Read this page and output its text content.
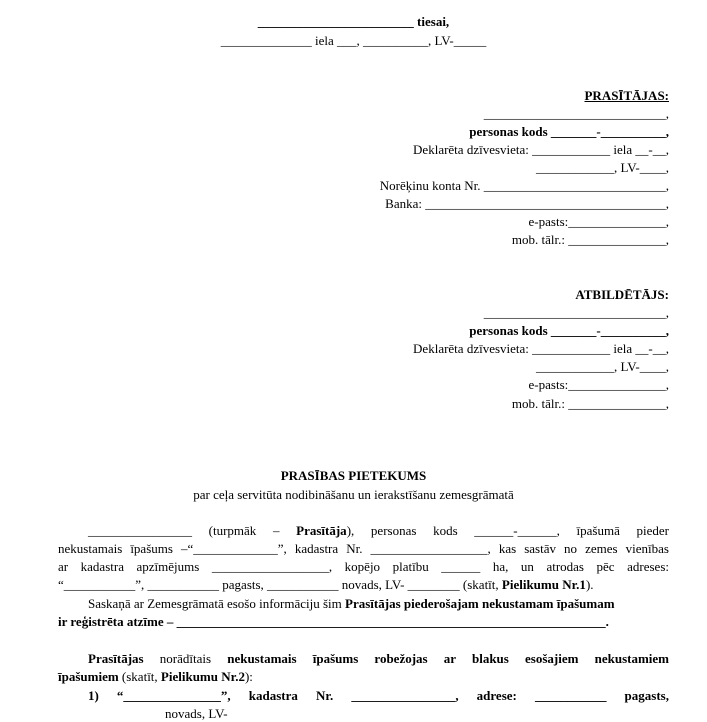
________________________ tiesai,
______________ iela ___, __________, LV-_____
PRASĪTĀJAS:
____________________________,
personas kods _______-__________,
Deklarēta dzīvesvieta: ____________ iela __-__,
____________, LV-____,
Norēķinu konta Nr. ____________________________,
Banka: _____________________________________,
e-pasts:_______________,
mob. tālr.: _______________,
ATBILDĒTĀJS:
____________________________,
personas kods _______-__________,
Deklarēta dzīvesvieta: ____________ iela __-__,
____________, LV-____,
e-pasts:_______________,
mob. tālr.: _______________,
PRASĪBAS PIETEKUMS
par ceļa servitūta nodibināšanu un ierakstīšanu zemesgrāmatā
________________ (turpmāk – Prasītāja), personas kods ______-______, īpašumā pieder
nekustamais īpašums –“_____________”, kadastra Nr. __________________, kas sastāv no zemes vienības
ar kadastra apzīmējums __________________, kopējo platību ______ ha, un atrodas pēc adreses:
“___________”, ___________ pagasts, ___________ novads, LV- ________ (skatīt, Pielikumu Nr.1).
Saskaņā ar Zemesgrāmatā esošo informāciju šim Prasītājas piederošajam nekustamam īpašumam
ir reģistrēta atzīme – __________________________________________________________________.
Prasītājas norādītais nekustamais īpašums robežojas ar blakus esošajiem nekustamiem
īpašumiem (skatīt, Pielikumu Nr.2):
1) “_______________”, kadastra Nr. ________________, adrese: ___________ pagasts,
novads, LV-
